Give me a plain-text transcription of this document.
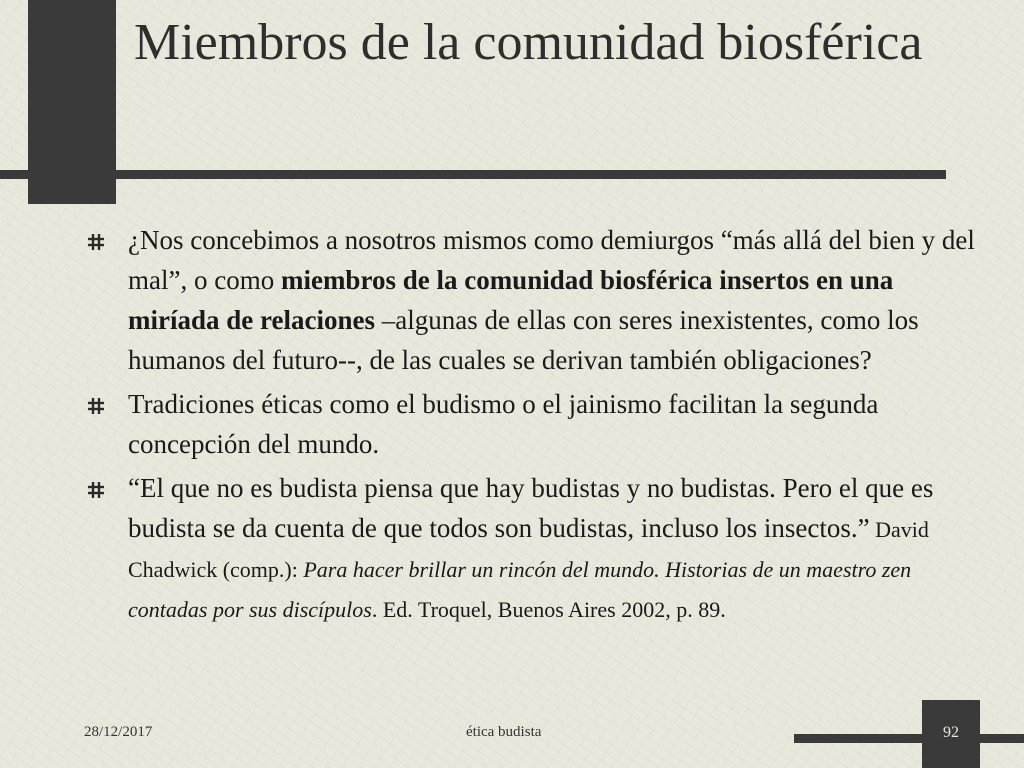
Miembros de la comunidad biosférica
¿Nos concebimos a nosotros mismos como demiurgos “más allá del bien y del mal”, o como miembros de la comunidad biosférica insertos en una miríada de relaciones –algunas de ellas con seres inexistentes, como los humanos del futuro--, de las cuales se derivan también obligaciones?
Tradiciones éticas como el budismo o el jainismo facilitan la segunda concepción del mundo.
“El que no es budista piensa que hay budistas y no budistas. Pero el que es budista se da cuenta de que todos son budistas, incluso los insectos.” David Chadwick (comp.): Para hacer brillar un rincón del mundo. Historias de un maestro zen contadas por sus discípulos. Ed. Troquel, Buenos Aires 2002, p. 89.
28/12/2017	ética budista	92
